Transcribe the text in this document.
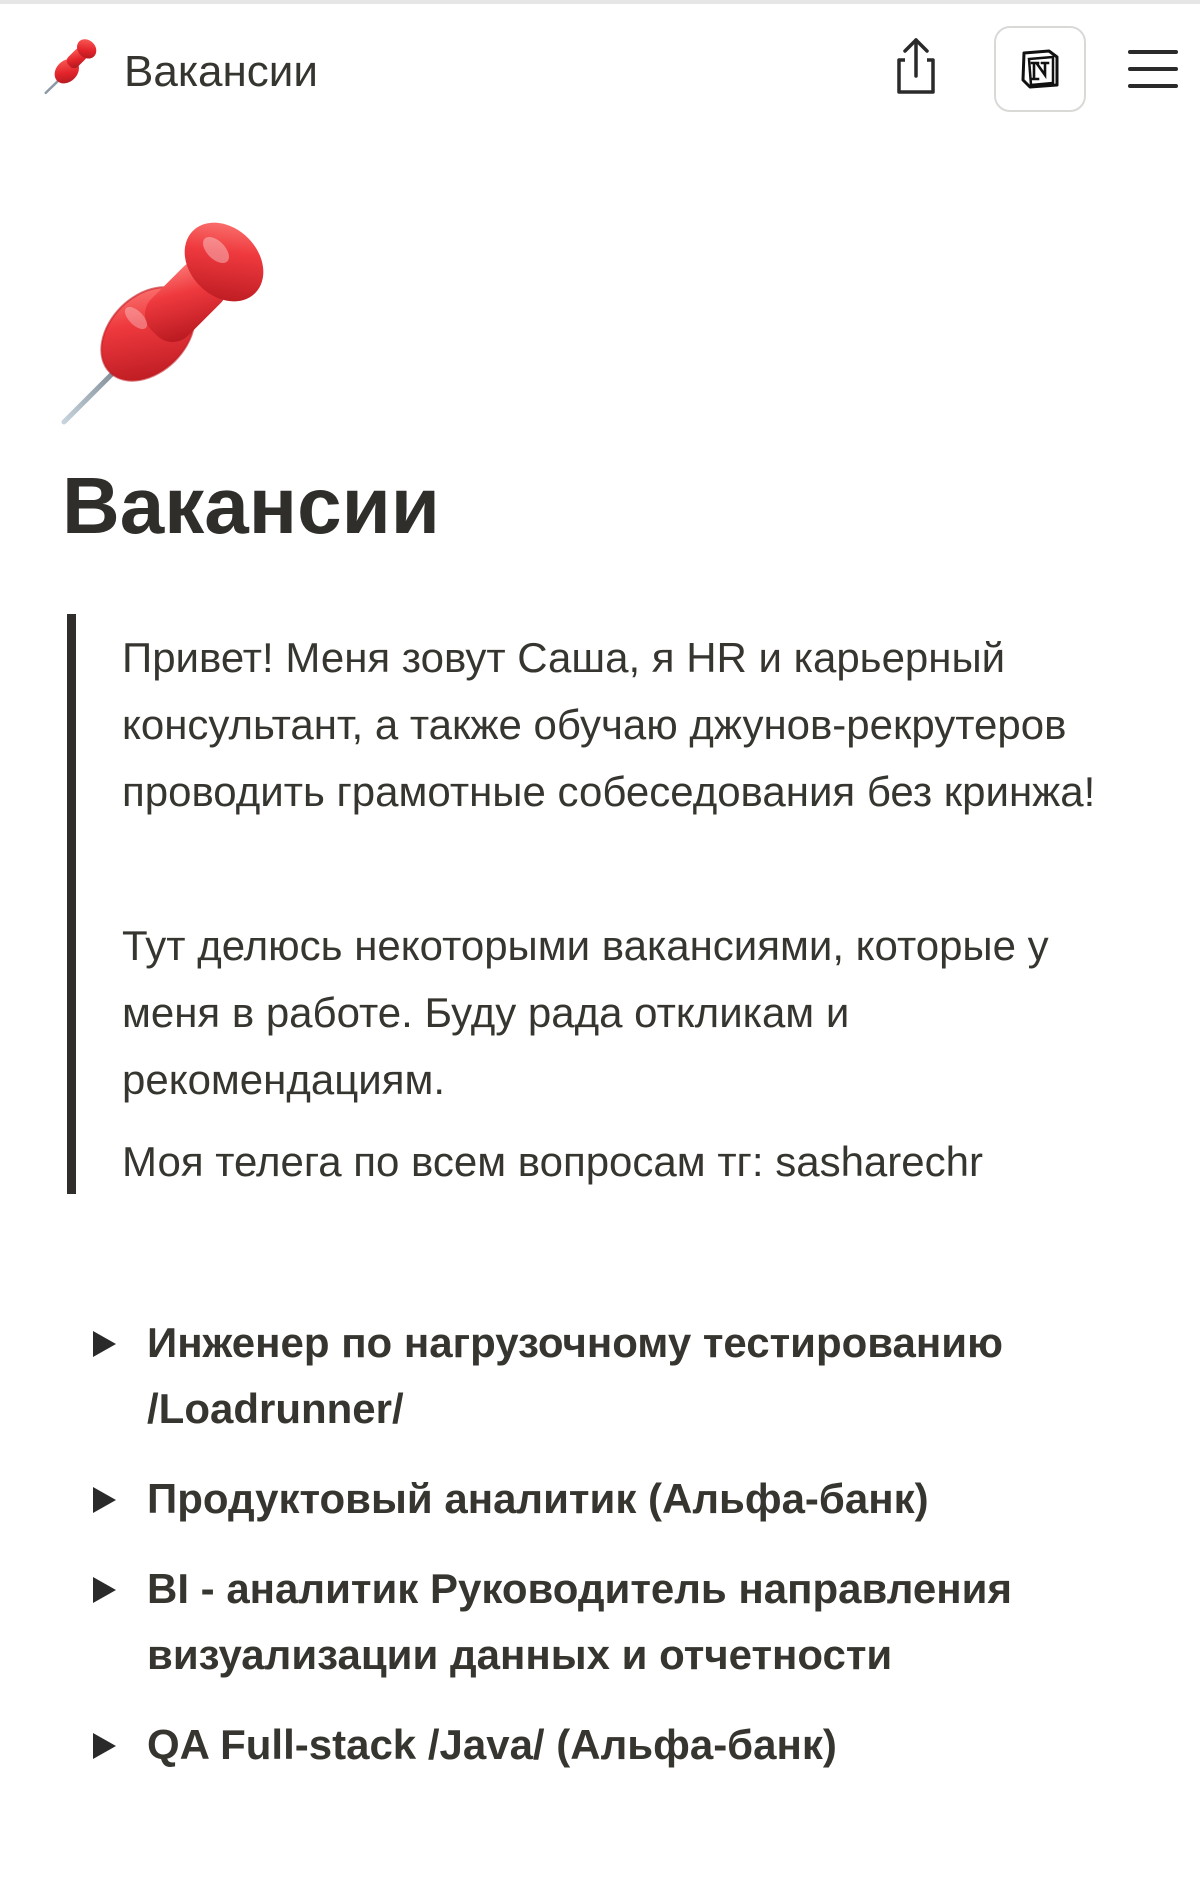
Вакансии
Вакансии

Привет! Меня зовут Саша, я HR и карьерный консультант, а также обучаю джунов-рекрутеров проводить грамотные собеседования без кринжа!

Тут делюсь некоторыми вакансиями, которые у меня в работе. Буду рада откликам и рекомендациям.

Моя телега по всем вопросам тг: sasharechr

Инженер по нагрузочному тестированию /Loadrunner/
Продуктовый аналитик (Альфа-банк)
BI - аналитик Руководитель направления визуализации данных и отчетности
QA Full-stack /Java/ (Альфа-банк)
